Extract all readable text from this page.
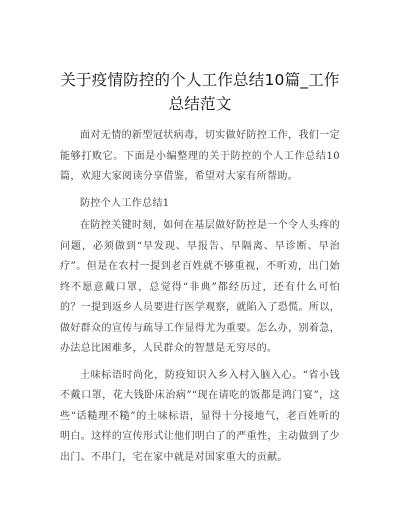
关于疫情防控的个人工作总结10篇_工作总结范文

面对无情的新型冠状病毒，切实做好防控工作，我们一定能够打败它。下面是小编整理的关于防控的个人工作总结10篇，欢迎大家阅读分享借鉴，希望对大家有所帮助。

防控个人工作总结1

在防控关键时刻，如何在基层做好防控是一个令人头疼的问题，必须做到“早发现、早报告、早隔离、早诊断、早治疗”。但是在农村一提到老百姓就不够重视，不听劝，出门始终不愿意戴口罩，总觉得“非典”都经历过，还有什么可怕的？一提到返乡人员要进行医学观察，就陷入了恐慌。所以，做好群众的宣传与疏导工作显得尤为重要。怎么办，别着急，办法总比困难多，人民群众的智慧是无穷尽的。

土味标语时尚化，防疫知识入乡入村入脑入心。“省小钱不戴口罩，花大钱卧床治病”“现在请吃的饭都是鸿门宴”，这些“话糙理不糙”的土味标语，显得十分接地气，老百姓听的明白。这样的宣传形式让他们明白了的严重性，主动做到了少出门、不串门，宅在家中就是对国家重大的贡献。
